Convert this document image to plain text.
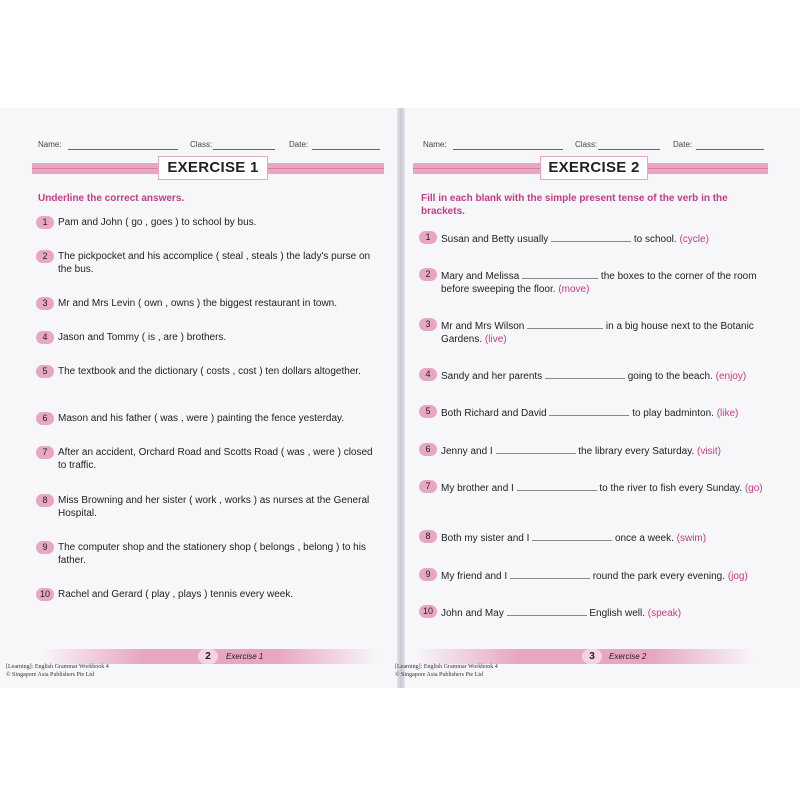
Name:	Class:	Date:
EXERCISE 1
Underline the correct answers.
1	Pam and John ( go , goes ) to school by bus.
2	The pickpocket and his accomplice ( steal , steals ) the lady's purse on the bus.
3	Mr and Mrs Levin ( own , owns ) the biggest restaurant in town.
4	Jason and Tommy ( is , are ) brothers.
5	The textbook and the dictionary ( costs , cost ) ten dollars altogether.
6	Mason and his father ( was , were ) painting the fence yesterday.
7	After an accident, Orchard Road and Scotts Road ( was , were ) closed to traffic.
8	Miss Browning and her sister ( work , works ) as nurses at the General Hospital.
9	The computer shop and the stationery shop ( belongs , belong ) to his father.
10 Rachel and Gerard ( play , plays ) tennis every week.
2	Exercise 1
[Learning]: English Grammar Workbook 4
© Singapore Asia Publishers Pte Ltd
Name:	Class:	Date:
EXERCISE 2
Fill in each blank with the simple present tense of the verb in the brackets.
1	Susan and Betty usually	to school. (cycle)
2	Mary and Melissa	the boxes to the corner of the room before sweeping the floor. (move)
3	Mr and Mrs Wilson	in a big house next to the Botanic Gardens. (live)
4	Sandy and her parents	going to the beach. (enjoy)
5	Both Richard and David	to play badminton. (like)
6	Jenny and I	the library every Saturday. (visit)
7	My brother and I	to the river to fish every Sunday. (go)
8	Both my sister and I	once a week. (swim)
9	My friend and I	round the park every evening. (jog)
10 John and May	English well. (speak)
3	Exercise 2
[Learning]: English Grammar Workbook 4
© Singapore Asia Publishers Pte Ltd
